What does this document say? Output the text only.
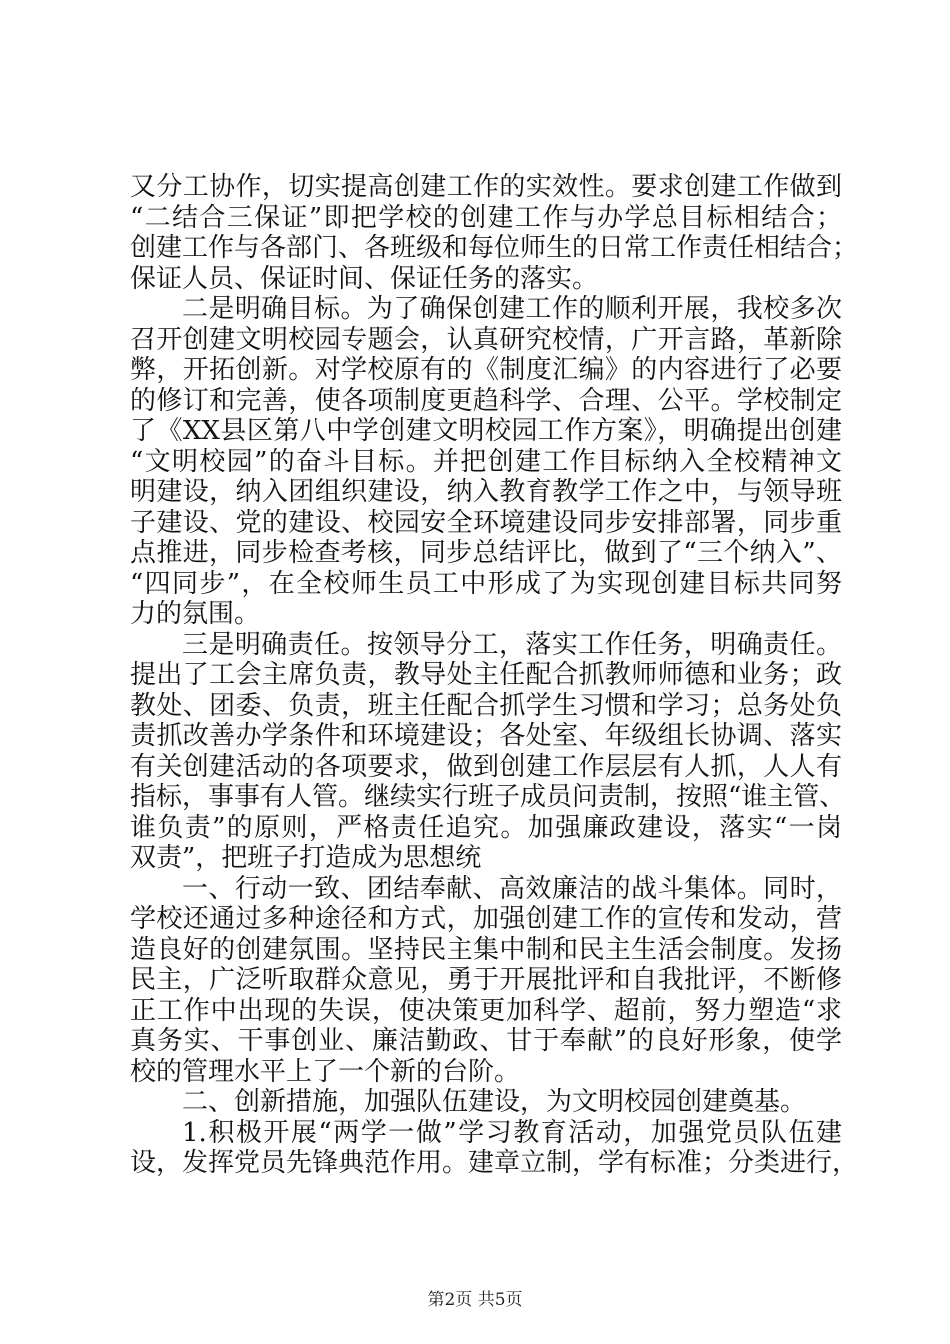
又分工协作，切实提高创建工作的实效性。要求创建工作做到
“二结合三保证”即把学校的创建工作与办学总目标相结合；
创建工作与各部门、各班级和每位师生的日常工作责任相结合；
保证人员、保证时间、保证任务的落实。
二是明确目标。为了确保创建工作的顺利开展，我校多次
召开创建文明校园专题会，认真研究校情，广开言路，革新除
弊，开拓创新。对学校原有的《制度汇编》的内容进行了必要
的修订和完善，使各项制度更趋科学、合理、公平。学校制定
了《XX县区第八中学创建文明校园工作方案》，明确提出创建
“文明校园”的奋斗目标。并把创建工作目标纳入全校精神文
明建设，纳入团组织建设，纳入教育教学工作之中，与领导班
子建设、党的建设、校园安全环境建设同步安排部署，同步重
点推进，同步检查考核，同步总结评比，做到了“三个纳入”、
“四同步”，在全校师生员工中形成了为实现创建目标共同努
力的氛围。
三是明确责任。按领导分工，落实工作任务，明确责任。
提出了工会主席负责，教导处主任配合抓教师师德和业务；政
教处、团委、负责，班主任配合抓学生习惯和学习；总务处负
责抓改善办学条件和环境建设；各处室、年级组长协调、落实
有关创建活动的各项要求，做到创建工作层层有人抓，人人有
指标，事事有人管。继续实行班子成员问责制，按照“谁主管、
谁负责”的原则，严格责任追究。加强廉政建设，落实“一岗
双责”，把班子打造成为思想统
一、行动一致、团结奉献、高效廉洁的战斗集体。同时，
学校还通过多种途径和方式，加强创建工作的宣传和发动，营
造良好的创建氛围。坚持民主集中制和民主生活会制度。发扬
民主，广泛听取群众意见，勇于开展批评和自我批评，不断修
正工作中出现的失误，使决策更加科学、超前，努力塑造“求
真务实、干事创业、廉洁勤政、甘于奉献”的良好形象，使学
校的管理水平上了一个新的台阶。
二、创新措施，加强队伍建设，为文明校园创建奠基。
1.积极开展“两学一做”学习教育活动，加强党员队伍建
设，发挥党员先锋典范作用。建章立制，学有标准；分类进行，
第2页 共5页
